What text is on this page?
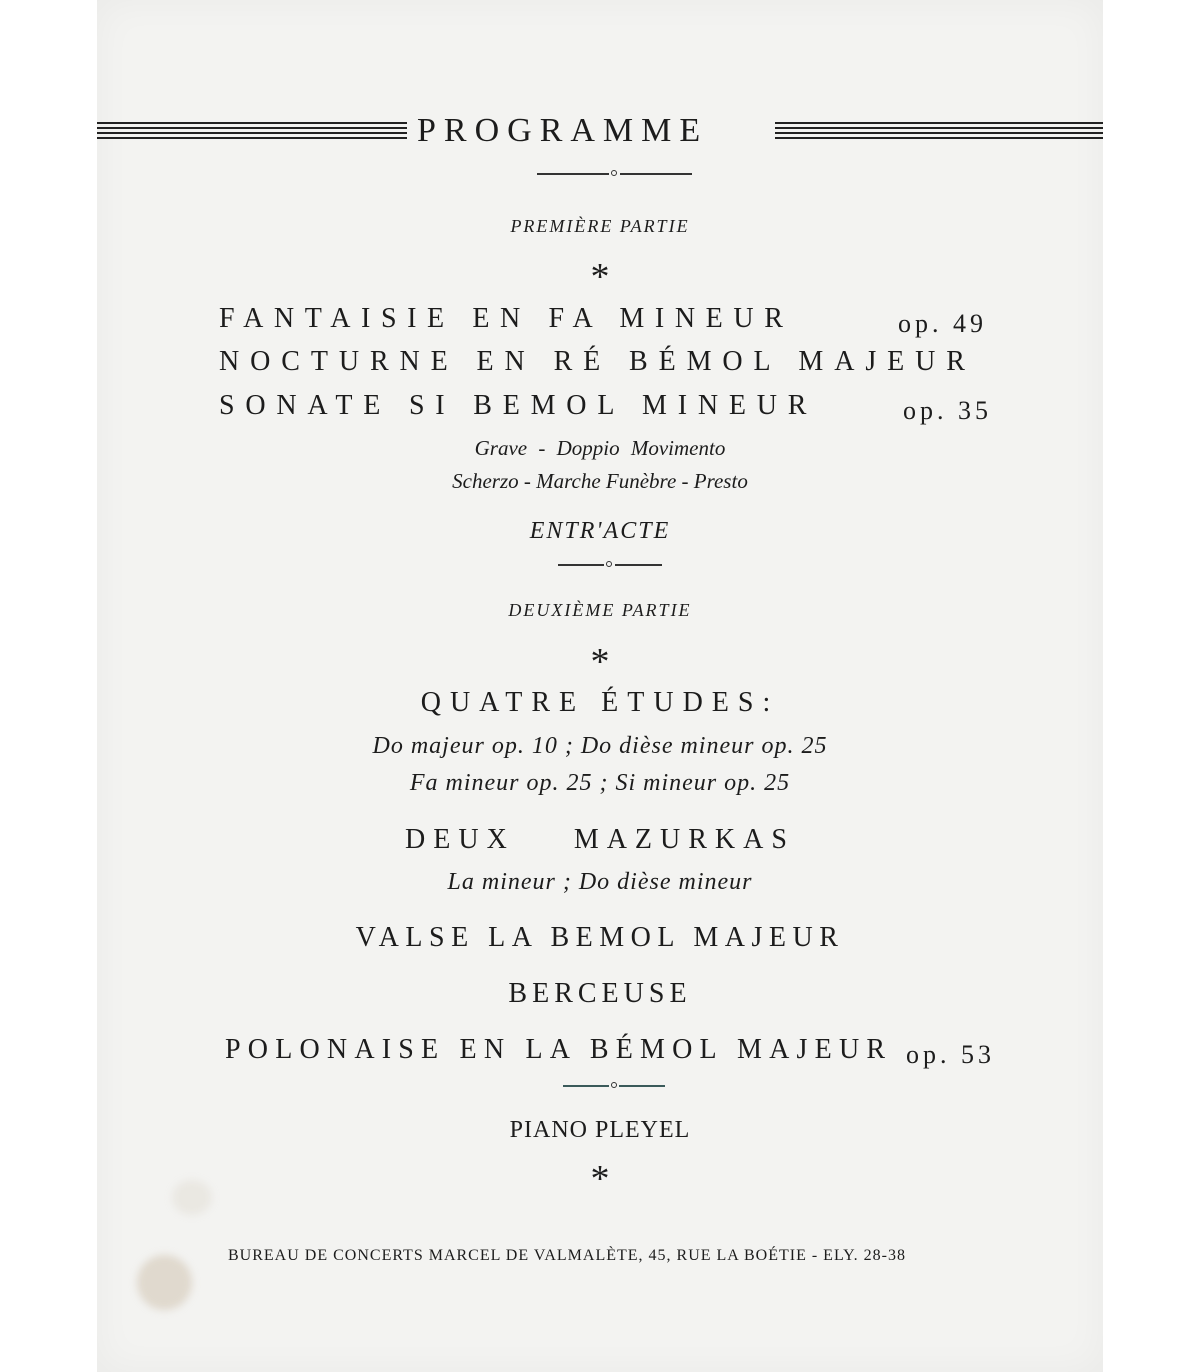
PROGRAMME
PREMIÈRE PARTIE
*
FANTAISIE EN FA MINEUR	op. 49
NOCTURNE EN RÉ BÉMOL MAJEUR
SONATE SI BEMOL MINEUR	op. 35
Grave - Doppio Movimento
Scherzo - Marche Funèbre - Presto
ENTR'ACTE
DEUXIÈME PARTIE
*
QUATRE ÉTUDES:
Do majeur op. 10 ; Do dièse mineur op. 25
Fa mineur op. 25 ; Si mineur op. 25
DEUX MAZURKAS
La mineur ; Do dièse mineur
VALSE LA BEMOL MAJEUR
BERCEUSE
POLONAISE EN LA BÉMOL MAJEUR op. 53
PIANO PLEYEL
*
BUREAU DE CONCERTS MARCEL DE VALMALÈTE, 45, RUE LA BOÉTIE - ELY. 28-38
